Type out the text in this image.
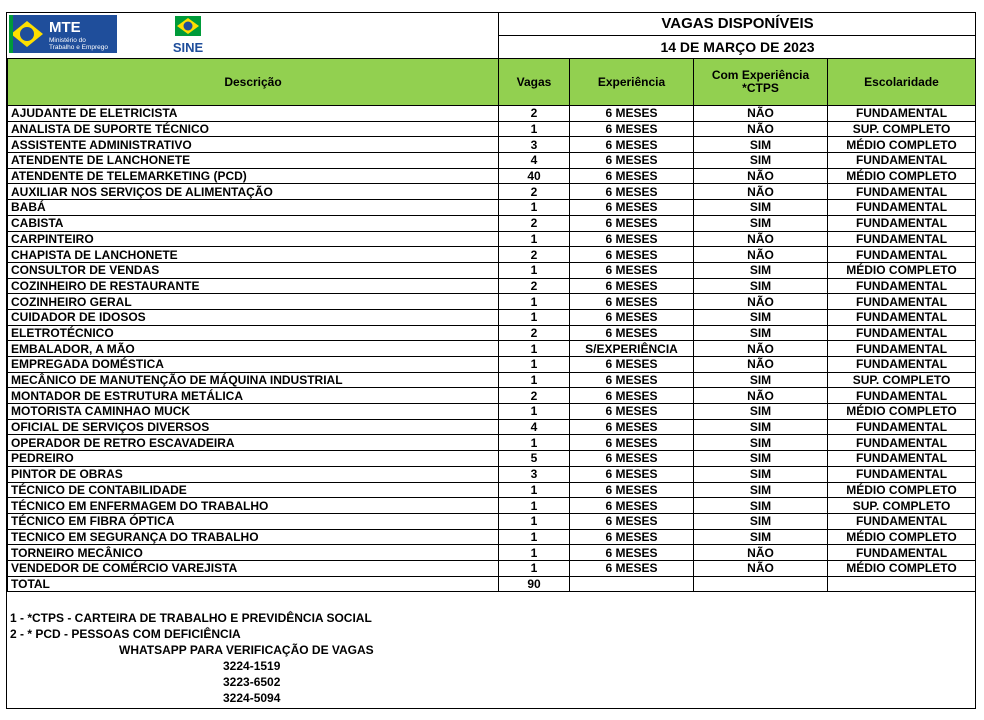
MTE
Ministério do
Trabalho e Emprego	SINE
VAGAS DISPONÍVEIS
14 DE MARÇO DE 2023
Descrição	Vagas	Experiência	Com Experiência *CTPS	Escolaridade
AJUDANTE DE ELETRICISTA	2	6 MESES	NÃO	FUNDAMENTAL
ANALISTA DE SUPORTE TÉCNICO	1	6 MESES	NÃO	SUP. COMPLETO
ASSISTENTE ADMINISTRATIVO	3	6 MESES	SIM	MÉDIO COMPLETO
ATENDENTE DE LANCHONETE	4	6 MESES	SIM	FUNDAMENTAL
ATENDENTE DE TELEMARKETING (PCD)	40	6 MESES	NÃO	MÉDIO COMPLETO
AUXILIAR NOS SERVIÇOS DE ALIMENTAÇÃO	2	6 MESES	NÃO	FUNDAMENTAL
BABÁ	1	6 MESES	SIM	FUNDAMENTAL
CABISTA	2	6 MESES	SIM	FUNDAMENTAL
CARPINTEIRO	1	6 MESES	NÃO	FUNDAMENTAL
CHAPISTA DE LANCHONETE	2	6 MESES	NÃO	FUNDAMENTAL
CONSULTOR DE VENDAS	1	6 MESES	SIM	MÉDIO COMPLETO
COZINHEIRO DE RESTAURANTE	2	6 MESES	SIM	FUNDAMENTAL
COZINHEIRO GERAL	1	6 MESES	NÃO	FUNDAMENTAL
CUIDADOR DE IDOSOS	1	6 MESES	SIM	FUNDAMENTAL
ELETROTÉCNICO	2	6 MESES	SIM	FUNDAMENTAL
EMBALADOR, A MÃO	1	S/EXPERIÊNCIA	NÃO	FUNDAMENTAL
EMPREGADA DOMÉSTICA	1	6 MESES	NÃO	FUNDAMENTAL
MECÂNICO DE MANUTENÇÃO DE MÁQUINA INDUSTRIAL	1	6 MESES	SIM	SUP. COMPLETO
MONTADOR DE ESTRUTURA METÁLICA	2	6 MESES	NÃO	FUNDAMENTAL
MOTORISTA CAMINHAO MUCK	1	6 MESES	SIM	MÉDIO COMPLETO
OFICIAL DE SERVIÇOS DIVERSOS	4	6 MESES	SIM	FUNDAMENTAL
OPERADOR DE RETRO ESCAVADEIRA	1	6 MESES	SIM	FUNDAMENTAL
PEDREIRO	5	6 MESES	SIM	FUNDAMENTAL
PINTOR DE OBRAS	3	6 MESES	SIM	FUNDAMENTAL
TÉCNICO DE CONTABILIDADE	1	6 MESES	SIM	MÉDIO COMPLETO
TÉCNICO EM ENFERMAGEM DO TRABALHO	1	6 MESES	SIM	SUP. COMPLETO
TÉCNICO EM FIBRA ÓPTICA	1	6 MESES	SIM	FUNDAMENTAL
TECNICO EM SEGURANÇA DO TRABALHO	1	6 MESES	SIM	MÉDIO COMPLETO
TORNEIRO MECÂNICO	1	6 MESES	NÃO	FUNDAMENTAL
VENDEDOR DE COMÉRCIO VAREJISTA	1	6 MESES	NÃO	MÉDIO COMPLETO
TOTAL	90			
1 - *CTPS - CARTEIRA DE TRABALHO E PREVIDÊNCIA SOCIAL
2 - * PCD - PESSOAS COM DEFICIÊNCIA
WHATSAPP PARA VERIFICAÇÃO DE VAGAS
3224-1519
3223-6502
3224-5094
